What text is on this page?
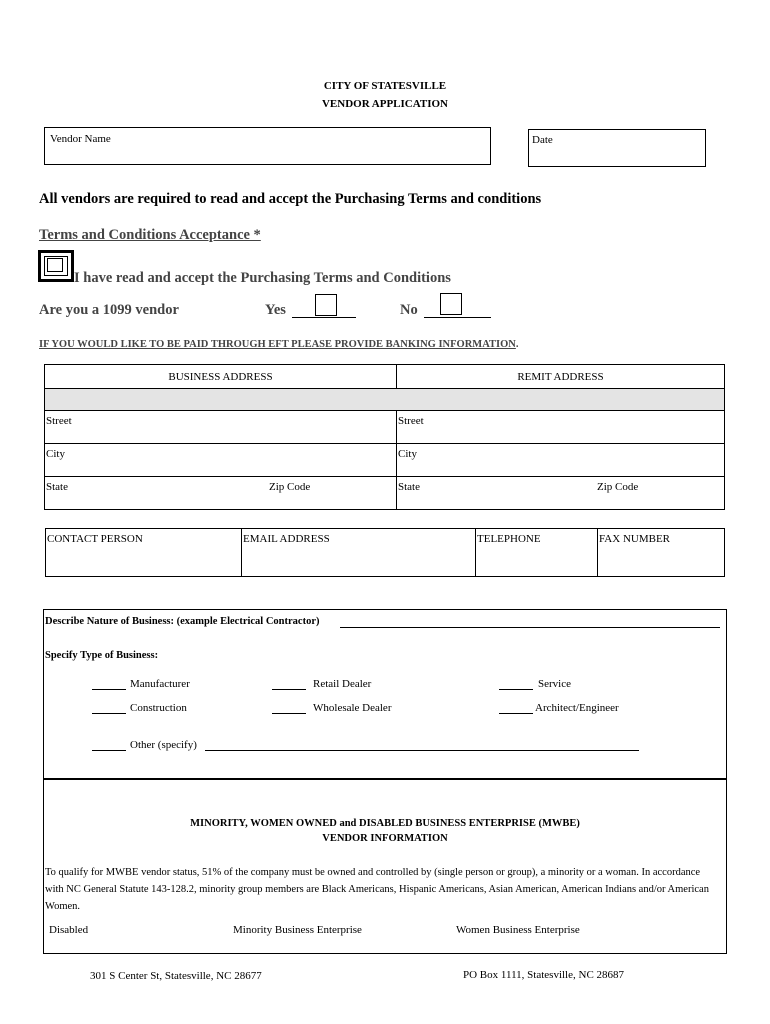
CITY OF STATESVILLE
VENDOR APPLICATION
Vendor Name	Date
All vendors are required to read and accept the Purchasing Terms and conditions
Terms and Conditions Acceptance *
I have read and accept the Purchasing Terms and Conditions
Are you a 1099 vendor	Yes	No
IF YOU WOULD LIKE TO BE PAID THROUGH EFT PLEASE PROVIDE BANKING INFORMATION.
BUSINESS ADDRESS	REMIT ADDRESS

Street	Street

City	City

State Zip Code	State Zip Code
CONTACT PERSON	EMAIL ADDRESS	TELEPHONE	FAX NUMBER
Describe Nature of Business: (example Electrical Contractor)
Specify Type of Business:
Manufacturer	Retail Dealer	Service
Construction	Wholesale Dealer	Architect/Engineer
Other (specify)
MINORITY, WOMEN OWNED and DISABLED BUSINESS ENTERPRISE (MWBE)
VENDOR INFORMATION
To qualify for MWBE vendor status, 51% of the company must be owned and controlled by (single person or group), a minority or a woman. In accordance with NC General Statute 143-128.2, minority group members are Black Americans, Hispanic Americans, Asian American, American Indians and/or American Women.
Disabled	Minority Business Enterprise	Women Business Enterprise
301 S Center St, Statesville, NC 28677	PO Box 1111, Statesville, NC 28687
